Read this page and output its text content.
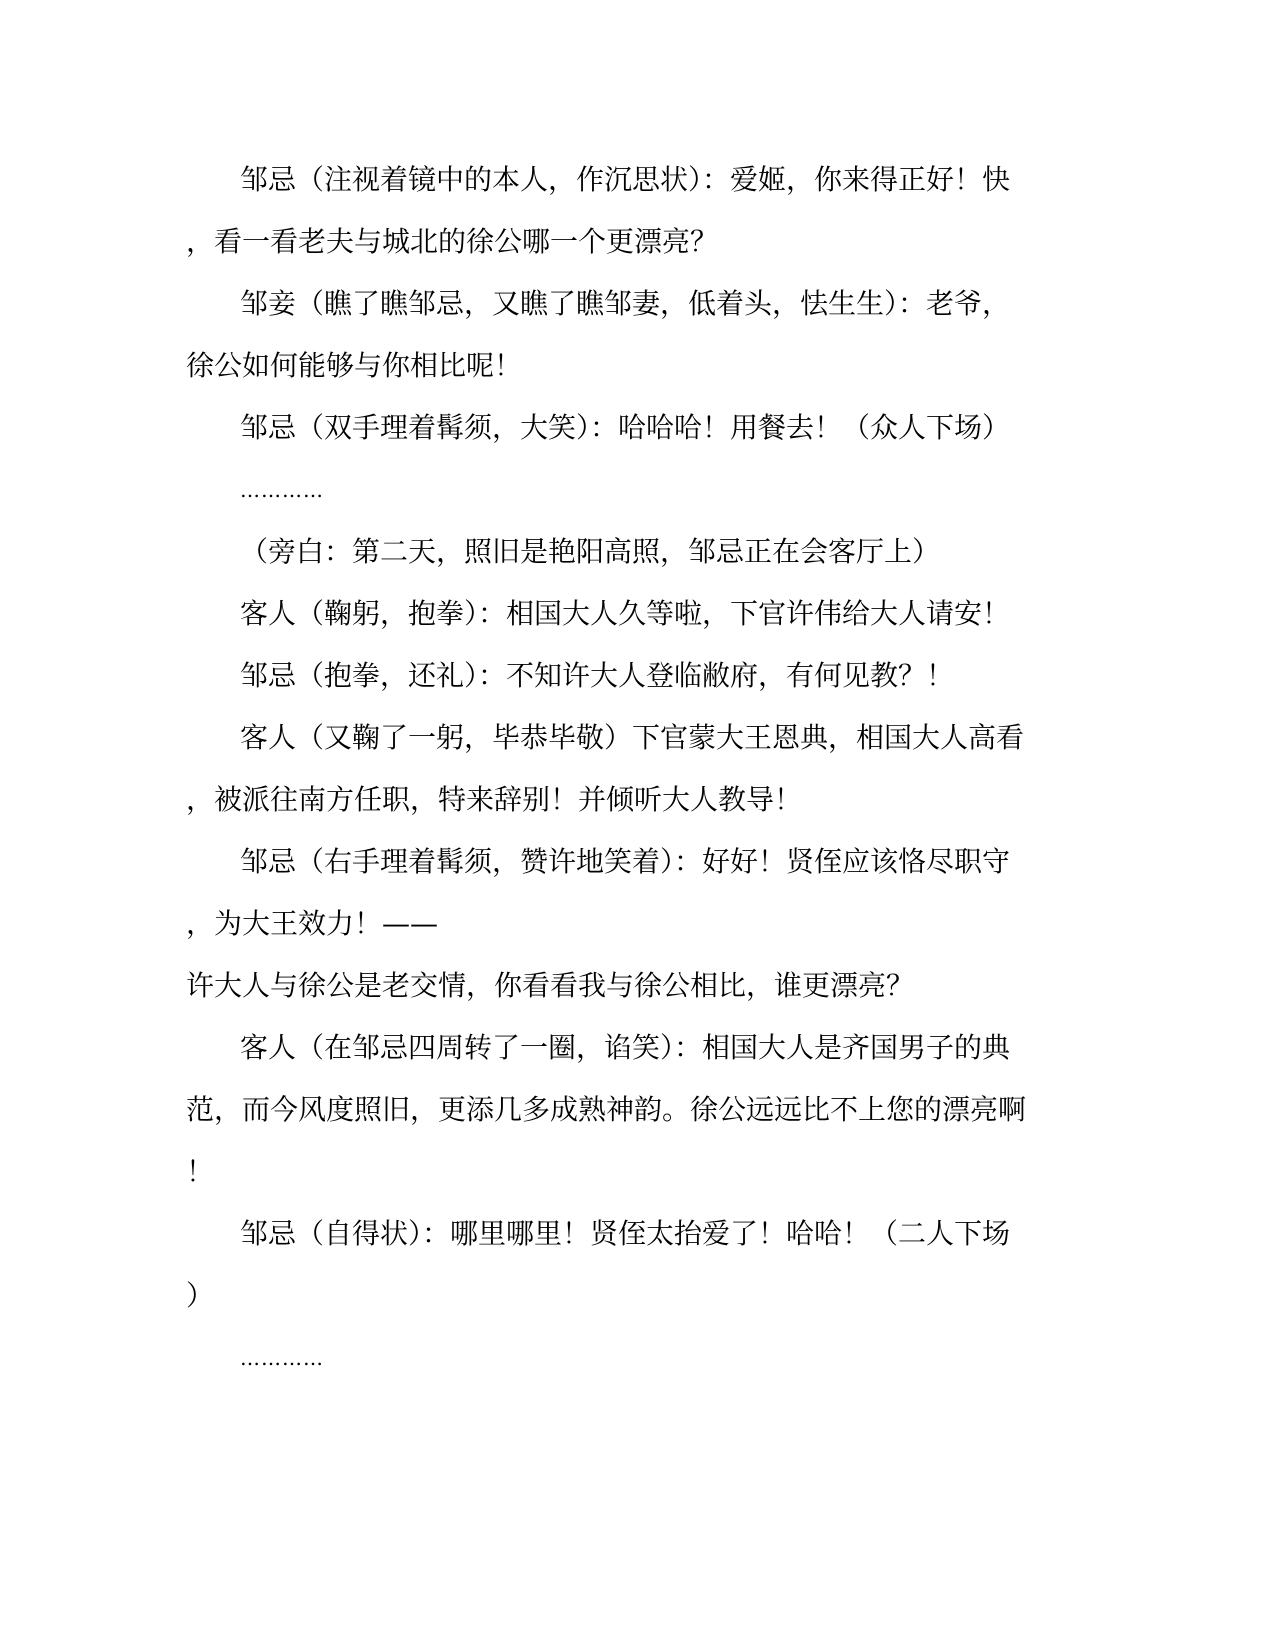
邹忌（注视着镜中的本人，作沉思状）：爱姬，你来得正好！快
，看一看老夫与城北的徐公哪一个更漂亮？
邹妾（瞧了瞧邹忌，又瞧了瞧邹妻，低着头，怯生生）：老爷，
徐公如何能够与你相比呢！
邹忌（双手理着髯须，大笑）：哈哈哈！用餐去！（众人下场）
…………
（旁白：第二天，照旧是艳阳高照，邹忌正在会客厅上）
客人（鞠躬，抱拳）：相国大人久等啦，下官许伟给大人请安！
邹忌（抱拳，还礼）：不知许大人登临敝府，有何见教？！
客人（又鞠了一躬，毕恭毕敬）下官蒙大王恩典，相国大人高看
，被派往南方任职，特来辞别！并倾听大人教导！
邹忌（右手理着髯须，赞许地笑着）：好好！贤侄应该恪尽职守
，为大王效力！——
许大人与徐公是老交情，你看看我与徐公相比，谁更漂亮？
客人（在邹忌四周转了一圈，谄笑）：相国大人是齐国男子的典
范，而今风度照旧，更添几多成熟神韵。徐公远远比不上您的漂亮啊
！
邹忌（自得状）：哪里哪里！贤侄太抬爱了！哈哈！（二人下场
）
…………
